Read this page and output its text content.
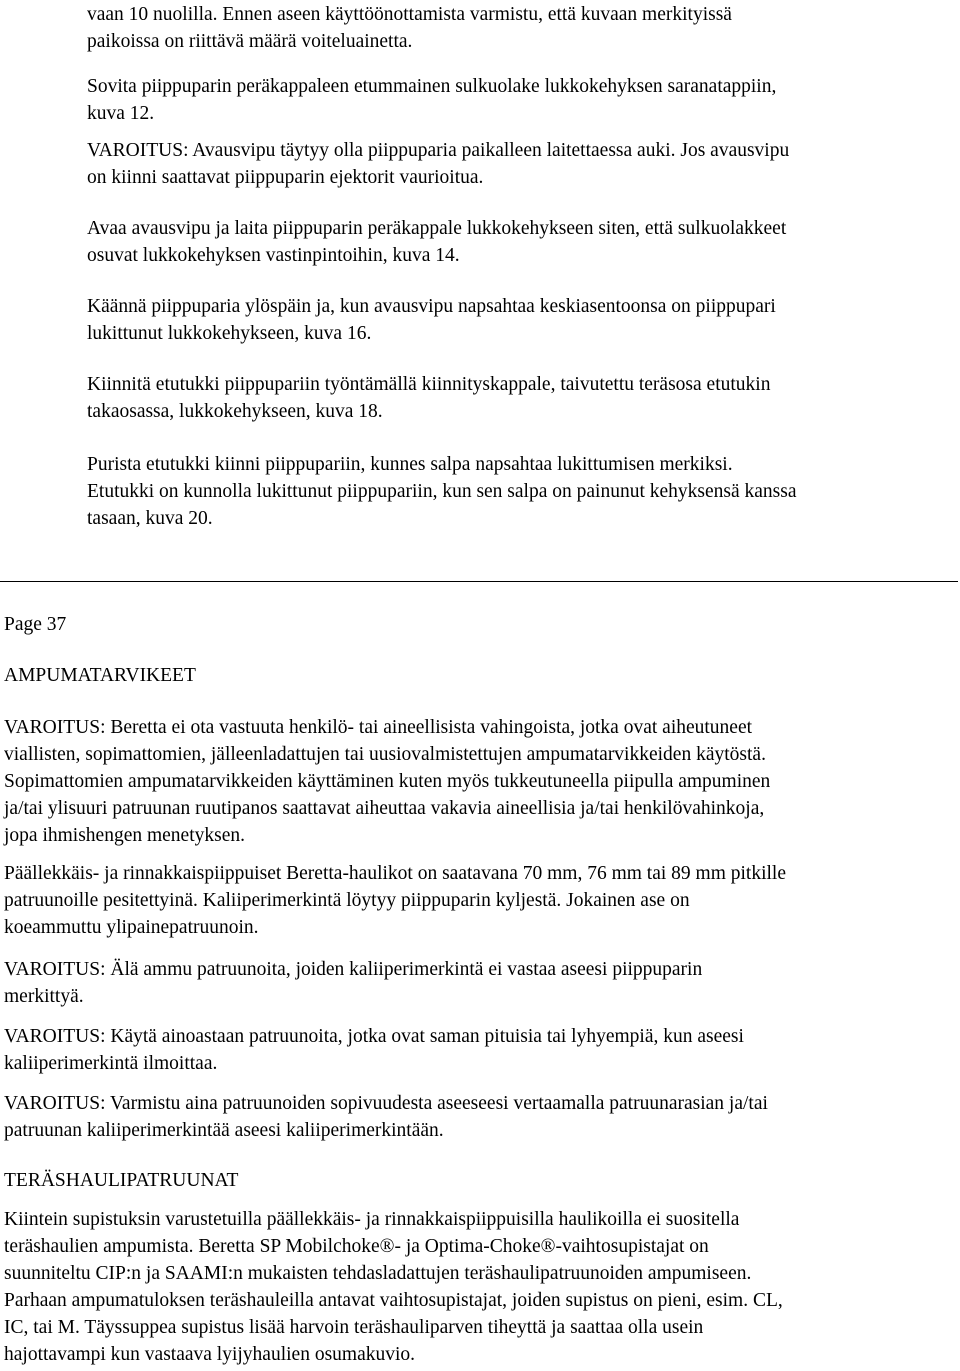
vaan 10 nuolilla. Ennen aseen käyttöönottamista varmistu, että kuvaan merkityissä
paikoissa on riittävä määrä voiteluainetta.

Sovita piippuparin peräkappaleen etummainen sulkuolake lukkokehyksen saranatappiin,
kuva 12.

VAROITUS: Avausvipu täytyy olla piippuparia paikalleen laitettaessa auki. Jos avausvipu
on kiinni saattavat piippuparin ejektorit vaurioitua.

Avaa avausvipu ja laita piippuparin peräkappale lukkokehykseen siten, että sulkuolakkeet
osuvat lukkokehyksen vastinpintoihin, kuva 14.

Käännä piippuparia ylöspäin ja, kun avausvipu napsahtaa keskiasentoonsa on piippupari
lukittunut lukkokehykseen, kuva 16.

Kiinnitä etutukki piippupariin työntämällä kiinnityskappale, taivutettu teräsosa etutukin
takaosassa, lukkokehykseen, kuva 18.

Purista etutukki kiinni piippupariin, kunnes salpa napsahtaa lukittumisen merkiksi.
Etutukki on kunnolla lukittunut piippupariin, kun sen salpa on painunut kehyksensä kanssa
tasaan, kuva 20.

Page 37

AMPUMATARVIKEET

VAROITUS: Beretta ei ota vastuuta henkilö- tai aineellisista vahingoista, jotka ovat aiheutuneet
viallisten, sopimattomien, jälleenladattujen tai uusiovalmistettujen ampumatarvikkeiden käytöstä.
Sopimattomien ampumatarvikkeiden käyttäminen kuten myös tukkeutuneella piipulla ampuminen
ja/tai ylisuuri patruunan ruutipanos saattavat aiheuttaa vakavia aineellisia ja/tai henkilövahinkoja,
jopa ihmishengen menetyksen.

Päällekkäis- ja rinnakkaispiippuiset Beretta-haulikot on saatavana 70 mm, 76 mm tai 89 mm pitkille
patruunoille pesitettyinä. Kaliiperimerkintä löytyy piippuparin kyljestä. Jokainen ase on
koeammuttu ylipainepatruunoin.

VAROITUS: Älä ammu patruunoita, joiden kaliiperimerkintä ei vastaa aseesi piippuparin
merkittyä.

VAROITUS: Käytä ainoastaan patruunoita, jotka ovat saman pituisia tai lyhyempiä, kun aseesi
kaliiperimerkintä ilmoittaa.

VAROITUS: Varmistu aina patruunoiden sopivuudesta aseeseesi vertaamalla patruunarasian ja/tai
patruunan kaliiperimerkintää aseesi kaliiperimerkintään.

TERÄSHAULIPATRUUNAT

Kiintein supistuksin varustetuilla päällekkäis- ja rinnakkaispiippuisilla haulikoilla ei suositella
teräshaulien ampumista. Beretta SP Mobilchoke®- ja Optima-Choke®-vaihtosupistajat on
suunniteltu CIP:n ja SAAMI:n mukaisten tehdasladattujen teräshaulipatruunoiden ampumiseen.
Parhaan ampumatuloksen teräshauleilla antavat vaihtosupistajat, joiden supistus on pieni, esim. CL,
IC, tai M. Täyssuppea supistus lisää harvoin teräshauliparven tiheyttä ja saattaa olla usein
hajottavampi kun vastaava lyijyhaulien osumakuvio.
